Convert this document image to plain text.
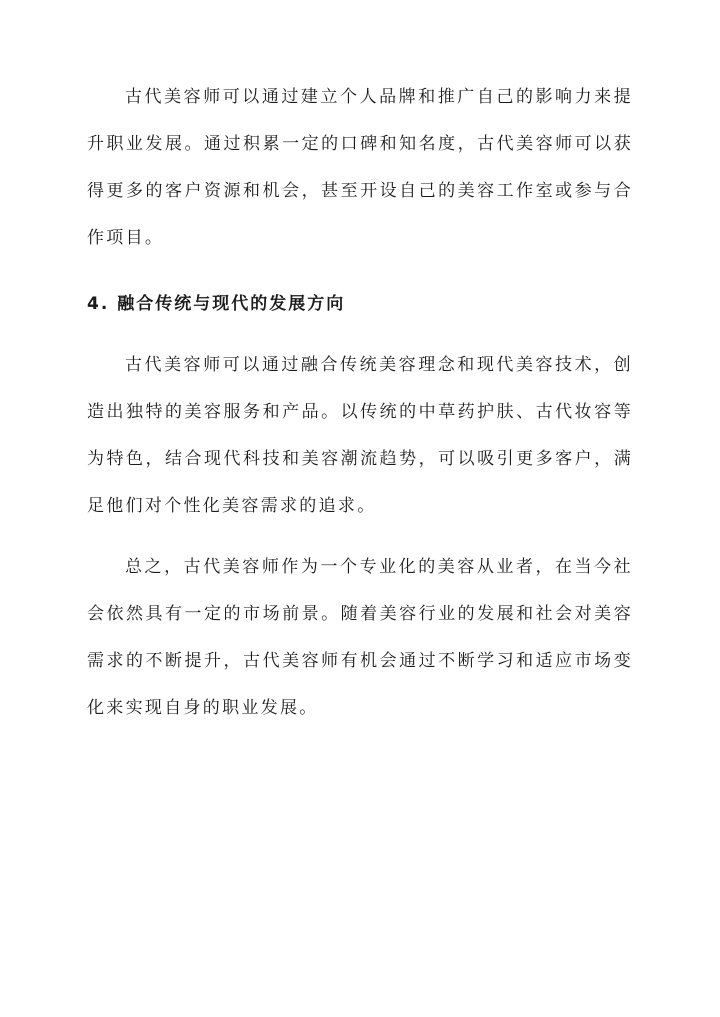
古代美容师可以通过建立个人品牌和推广自己的影响力来提升职业发展。通过积累一定的口碑和知名度，古代美容师可以获得更多的客户资源和机会，甚至开设自己的美容工作室或参与合作项目。

4. 融合传统与现代的发展方向

古代美容师可以通过融合传统美容理念和现代美容技术，创造出独特的美容服务和产品。以传统的中草药护肤、古代妆容等为特色，结合现代科技和美容潮流趋势，可以吸引更多客户，满足他们对个性化美容需求的追求。

总之，古代美容师作为一个专业化的美容从业者，在当今社会依然具有一定的市场前景。随着美容行业的发展和社会对美容需求的不断提升，古代美容师有机会通过不断学习和适应市场变化来实现自身的职业发展。
